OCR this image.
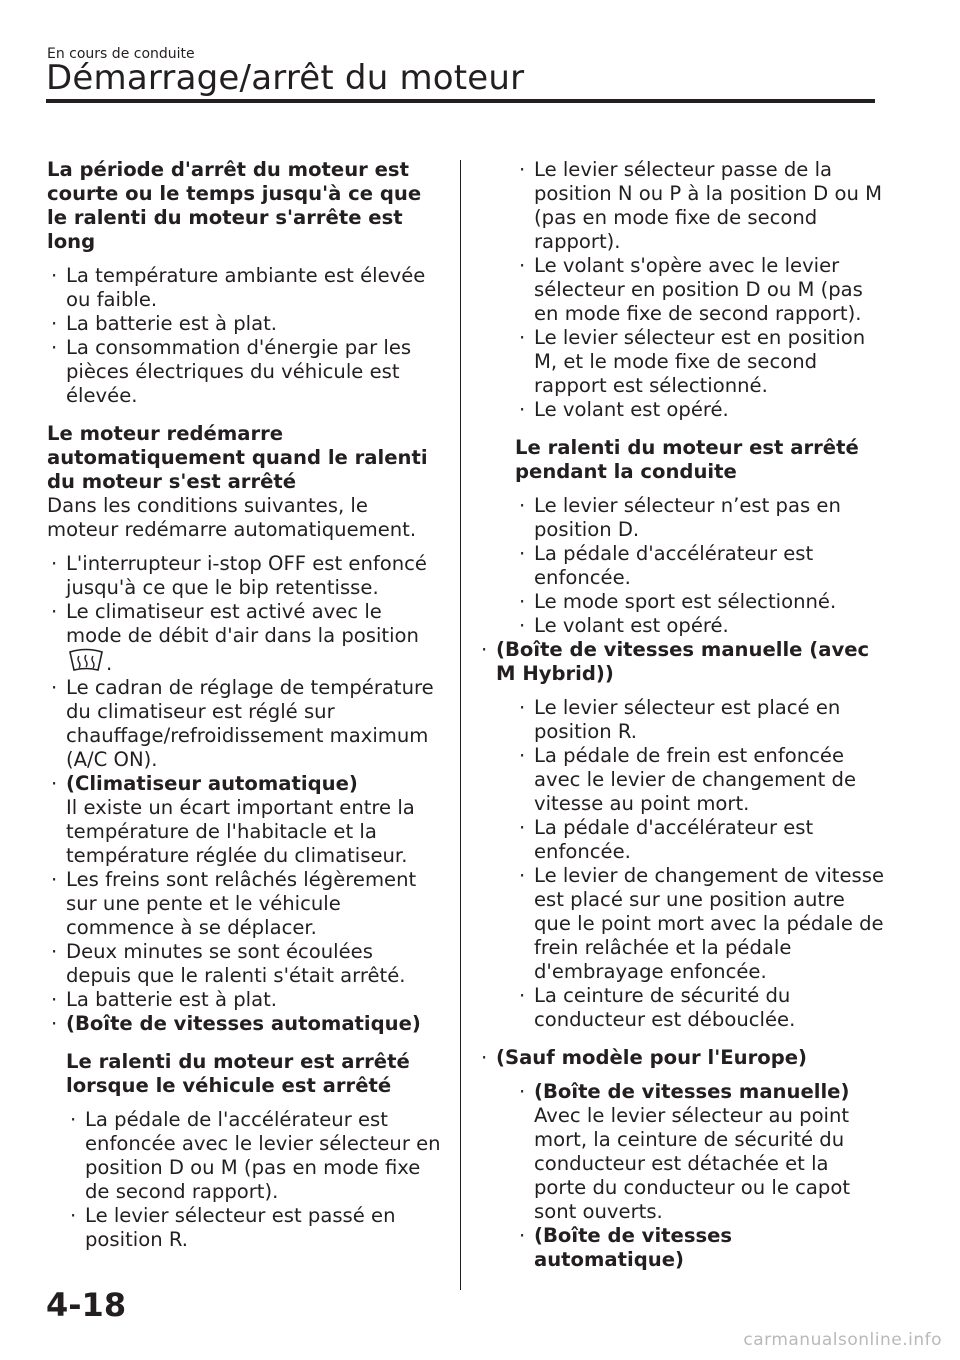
En cours de conduite
Démarrage/arrêt du moteur

La période d'arrêt du moteur est courte ou le temps jusqu'à ce que le ralenti du moteur s'arrête est long

· La température ambiante est élevée ou faible.
· La batterie est à plat.
· La consommation d'énergie par les pièces électriques du véhicule est élevée.

Le moteur redémarre automatiquement quand le ralenti du moteur s'est arrêté

Dans les conditions suivantes, le moteur redémarre automatiquement.

· L'interrupteur i-stop OFF est enfoncé jusqu'à ce que le bip retentisse.
· Le climatiseur est activé avec le mode de débit d'air dans la position
.
· Le cadran de réglage de température du climatiseur est réglé sur chauffage/refroidissement maximum (A/C ON).
· (Climatiseur automatique)
Il existe un écart important entre la température de l'habitacle et la température réglée du climatiseur.
· Les freins sont relâchés légèrement sur une pente et le véhicule commence à se déplacer.
· Deux minutes se sont écoulées depuis que le ralenti s'était arrêté.
· La batterie est à plat.
· (Boîte de vitesses automatique)

Le ralenti du moteur est arrêté lorsque le véhicule est arrêté

· La pédale de l'accélérateur est enfoncée avec le levier sélecteur en position D ou M (pas en mode fixe de second rapport).
· Le levier sélecteur est passé en position R.
· Le levier sélecteur passe de la position N ou P à la position D ou M (pas en mode fixe de second rapport).
· Le volant s'opère avec le levier sélecteur en position D ou M (pas en mode fixe de second rapport).
· Le levier sélecteur est en position M, et le mode fixe de second rapport est sélectionné.
· Le volant est opéré.

Le ralenti du moteur est arrêté pendant la conduite

· Le levier sélecteur n’est pas en position D.
· La pédale d'accélérateur est enfoncée.
· Le mode sport est sélectionné.
· Le volant est opéré.
· (Boîte de vitesses manuelle (avec M Hybrid))
· Le levier sélecteur est placé en position R.
· La pédale de frein est enfoncée avec le levier de changement de vitesse au point mort.
· La pédale d'accélérateur est enfoncée.
· Le levier de changement de vitesse est placé sur une position autre que le point mort avec la pédale de frein relâchée et la pédale d'embrayage enfoncée.
· La ceinture de sécurité du conducteur est débouclée.
· (Sauf modèle pour l'Europe)
· (Boîte de vitesses manuelle)
Avec le levier sélecteur au point mort, la ceinture de sécurité du conducteur est détachée et la porte du conducteur ou le capot sont ouverts.
· (Boîte de vitesses automatique)
4-18
carmanualsonline.info
